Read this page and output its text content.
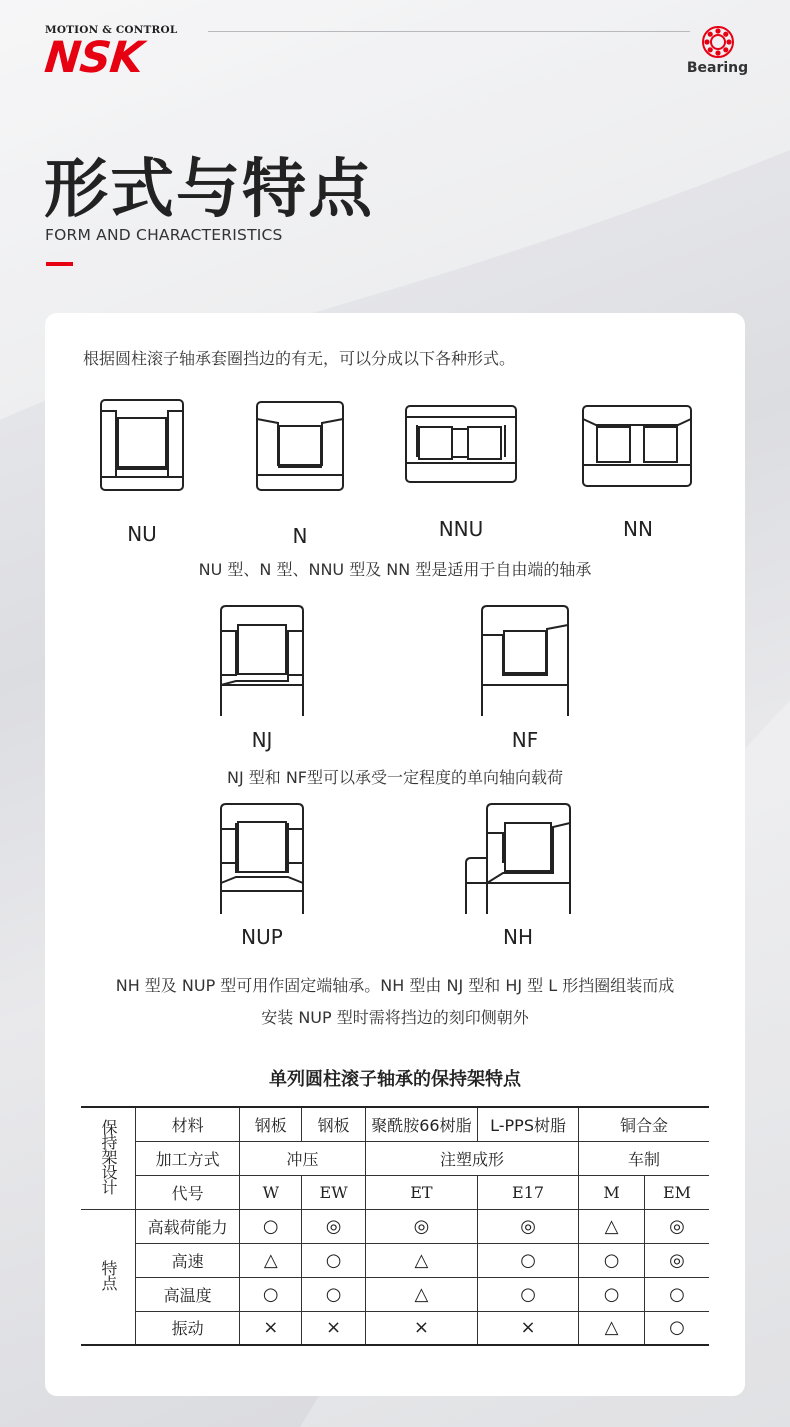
MOTION & CONTROL
NSK	Bearing
形式与特点
FORM AND CHARACTERISTICS
根据圆柱滚子轴承套圈挡边的有无，可以分成以下各种形式。
NU	N	NNU	NN
NU 型、N 型、NNU 型及 NN 型是适用于自由端的轴承
NJ	NF
NJ 型和 NF型可以承受一定程度的单向轴向载荷
NUP	NH
NH 型及 NUP 型可用作固定端轴承。NH 型由 NJ 型和 HJ 型 L 形挡圈组装而成
安装 NUP 型时需将挡边的刻印侧朝外
单列圆柱滚子轴承的保持架特点
保持架设计	材料	钢板	钢板	聚酰胺66树脂	L-PPS树脂	铜合金	
	加工方式	冲压		注塑成形		车制	
	代号	W	EW	ET	E17	M	EM
特点	高载荷能力	○	◎	◎	◎	△	◎
	高速	△	○	△	○	○	◎
	高温度	○	○	△	○	○	○
	振动	×	×	×	×	△	○
